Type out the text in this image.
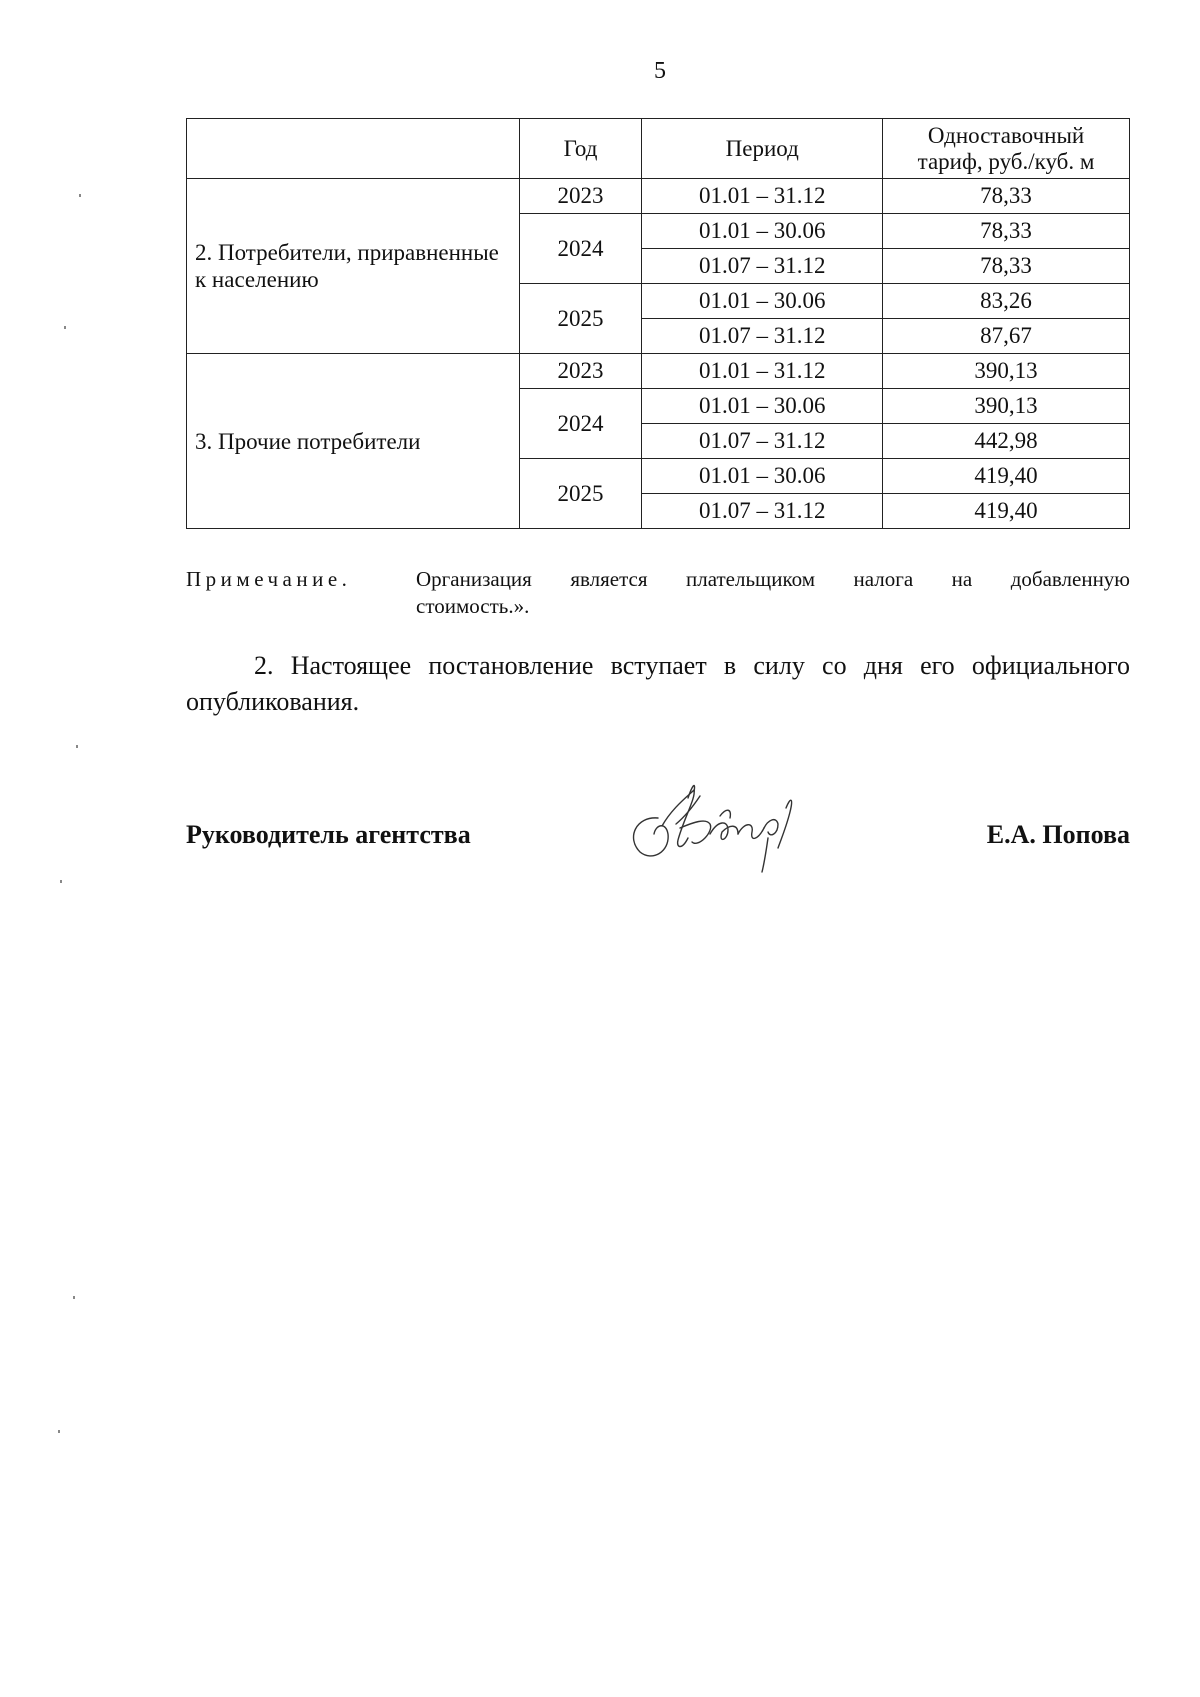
5
	Год	Период	Одноставочный тариф, руб./куб. м
2. Потребители, приравненные к населению	2023	01.01 – 31.12	78,33
	2024	01.01 – 30.06	78,33
		01.07 – 31.12	78,33
	2025	01.01 – 30.06	83,26
		01.07 – 31.12	87,67
3. Прочие потребители	2023	01.01 – 31.12	390,13
	2024	01.01 – 30.06	390,13
		01.07 – 31.12	442,98
	2025	01.01 – 30.06	419,40
		01.07 – 31.12	419,40
Примечание.	Организация является плательщиком налога на добавленную
стоимость.».
2. Настоящее постановление вступает в силу со дня его официального
опубликования.
Руководитель агентства	Е.А. Попова
